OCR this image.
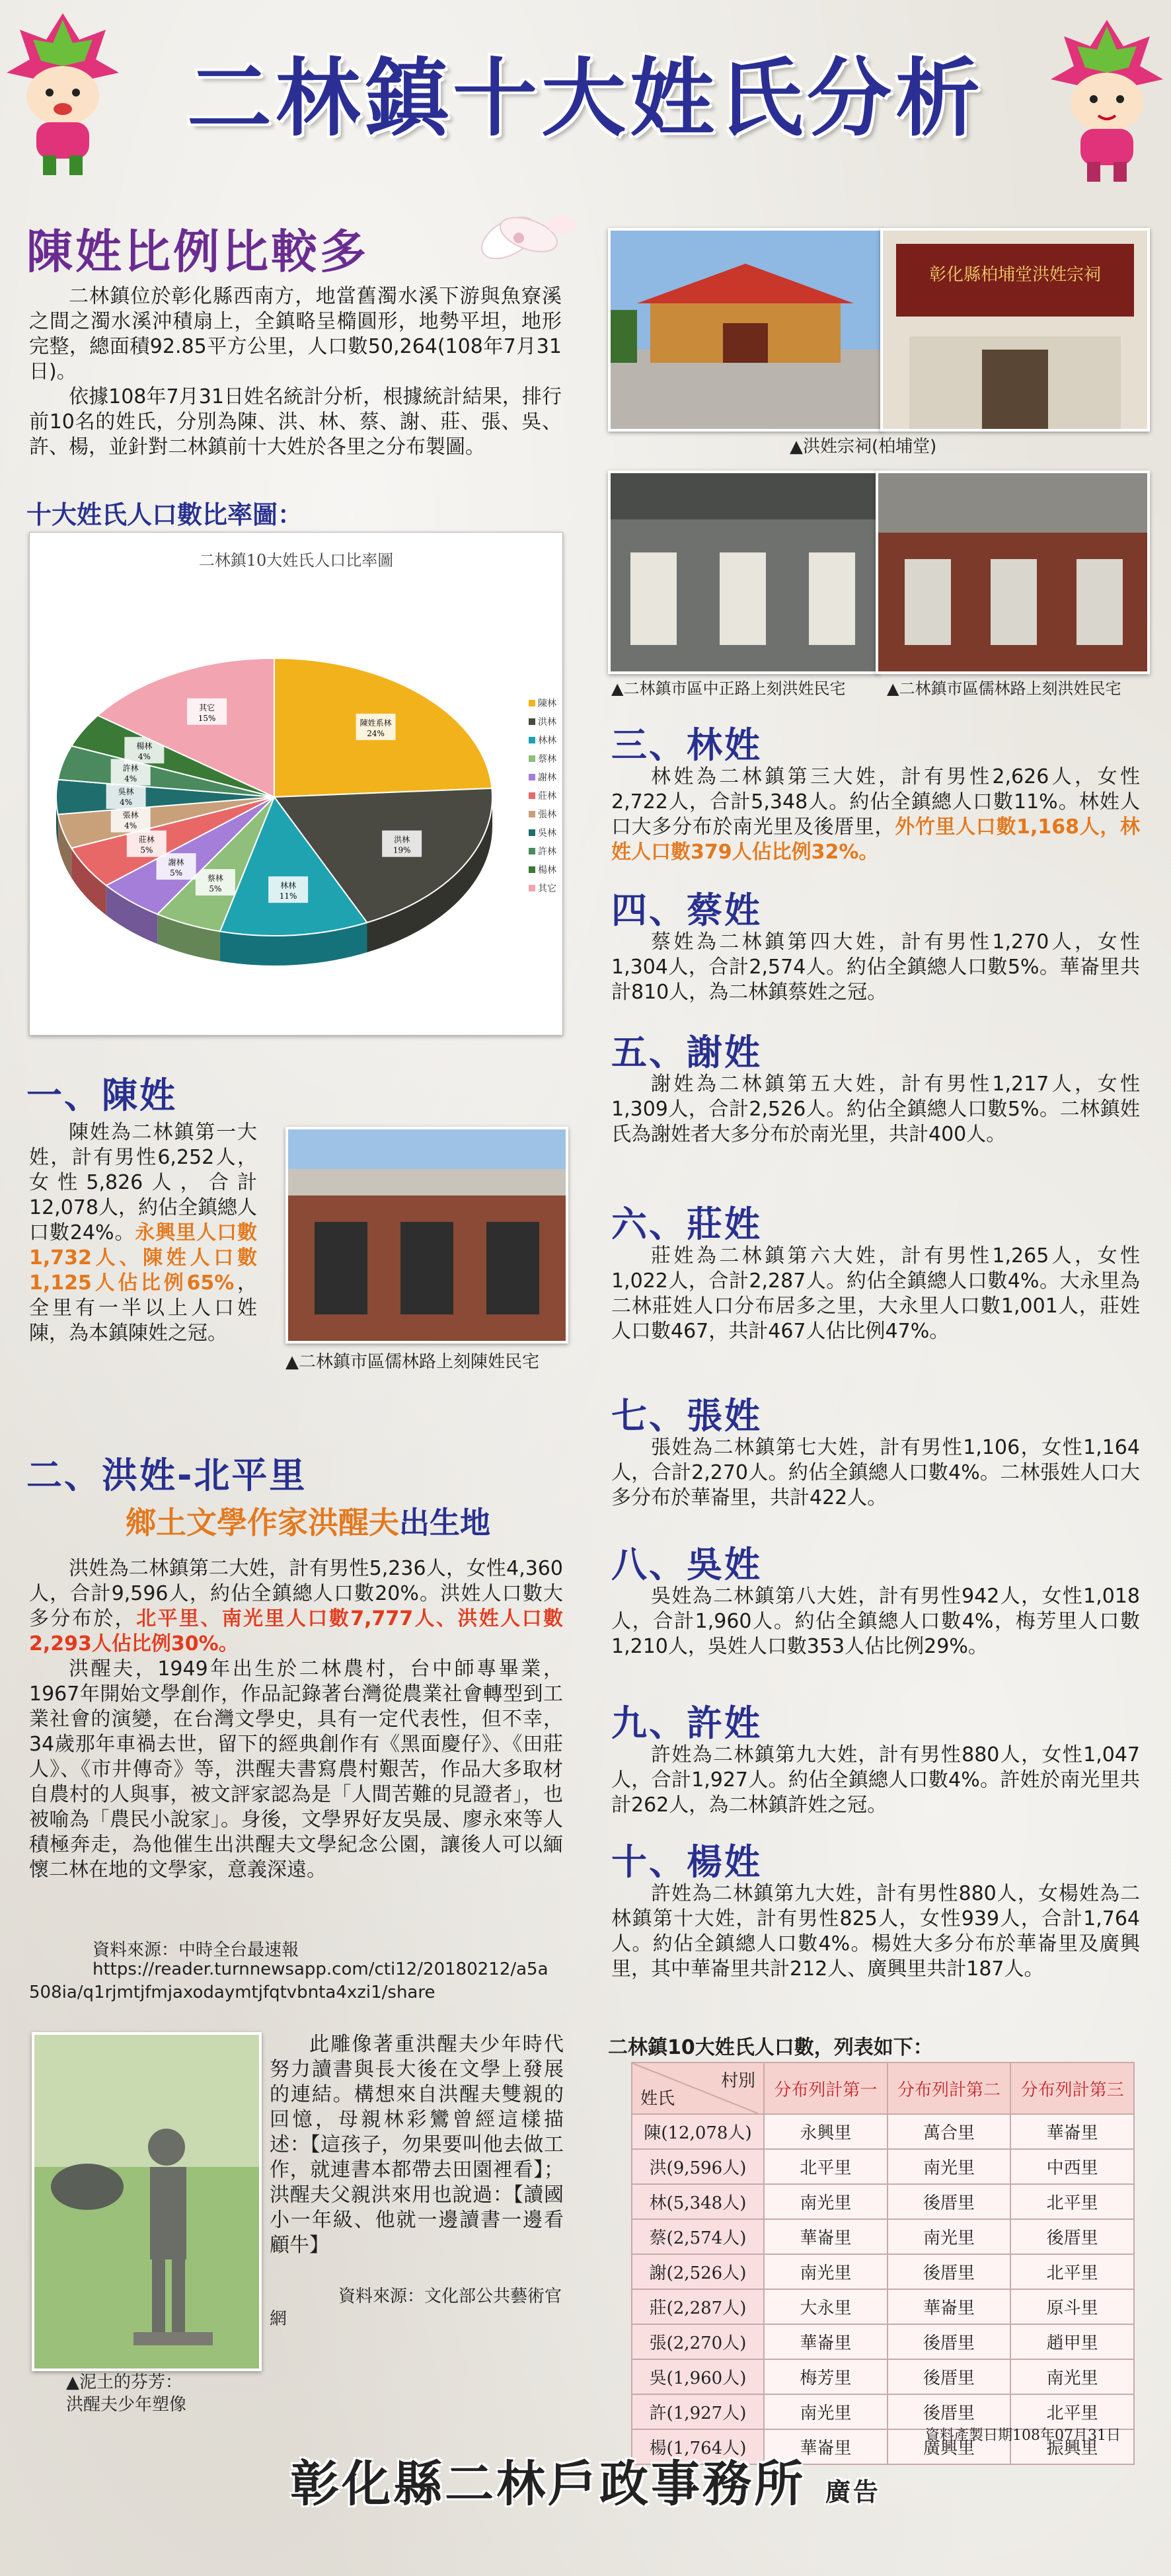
二林鎮十大姓氏分析
陳姓比例比較多

二林鎮位於彰化縣西南方，地當舊濁水溪下游與魚寮溪之間之濁水溪沖積扇上，全鎮略呈橢圓形，地勢平坦，地形完整，總面積92.85平方公里，人口數50,264(108年7月31日)。

依據108年7月31日姓名統計分析，根據統計結果，排行前10名的姓氏，分別為陳、洪、林、蔡、謝、莊、張、吳、許、楊，並針對二林鎮前十大姓於各里之分布製圖。

十大姓氏人口數比率圖：
二林鎮10大姓氏人口比率圖
陳姓系林
24%
洪林
19%
林林
11%
蔡林
5%
謝林
5%
莊林
5%
張林
4%
吳林
4%
許林
4%
楊林
4%
其它
15%
陳林
洪林
林林
蔡林
謝林
莊林
張林
吳林
許林
楊林
其它
彰化縣柏埔堂洪姓宗祠
▲洪姓宗祠(柏埔堂)
▲二林鎮市區中正路上刻洪姓民宅	▲二林鎮市區儒林路上刻洪姓民宅
一、陳姓

陳姓為二林鎮第一大姓，計有男性6,252人，女性5,826人，合計12,078人，約佔全鎮總人口數24%。永興里人口數1,732人、陳姓人口數1,125人佔比例65%，全里有一半以上人口姓陳，為本鎮陳姓之冠。

▲二林鎮市區儒林路上刻陳姓民宅
二、洪姓-北平里
鄉土文學作家洪醒夫出生地

洪姓為二林鎮第二大姓，計有男性5,236人，女性4,360人，合計9,596人，約佔全鎮總人口數20%。洪姓人口數大多分布於，北平里、南光里人口數7,777人、洪姓人口數2,293人佔比例30%。

洪醒夫，1949年出生於二林農村，台中師專畢業，1967年開始文學創作，作品記錄著台灣從農業社會轉型到工業社會的演變，在台灣文學史，具有一定代表性，但不幸，34歲那年車禍去世，留下的經典創作有《黑面慶仔》、《田莊人》、《市井傳奇》等，洪醒夫書寫農村艱苦，作品大多取材自農村的人與事，被文評家認為是「人間苦難的見證者」，也被喻為「農民小說家」。身後，文學界好友吳晟、廖永來等人積極奔走，為他催生出洪醒夫文學紀念公園，讓後人可以緬懷二林在地的文學家，意義深遠。

資料來源：中時全台最速報
https://reader.turnnewsapp.com/cti12/20180212/a5a
508ia/q1rjmtjfmjaxodaymtjfqtvbnta4xzi1/share
▲泥土的芬芳：
洪醒夫少年塑像

此雕像著重洪醒夫少年時代努力讀書與長大後在文學上發展的連結。構想來自洪醒夫雙親的回憶，母親林彩鸞曾經這樣描述：【這孩子，勿果要叫他去做工作，就連書本都帶去田園裡看】；洪醒夫父親洪來用也說過：【讀國小一年級、他就一邊讀書一邊看顧牛】

資料來源：文化部公共藝術官網
三、林姓

林姓為二林鎮第三大姓，計有男性2,626人，女性2,722人，合計5,348人。約佔全鎮總人口數11%。林姓人口大多分布於南光里及後厝里，外竹里人口數1,168人，林姓人口數379人佔比例32%。

四、蔡姓

蔡姓為二林鎮第四大姓，計有男性1,270人，女性1,304人，合計2,574人。約佔全鎮總人口數5%。華崙里共計810人，為二林鎮蔡姓之冠。

五、謝姓

謝姓為二林鎮第五大姓，計有男性1,217人，女性1,309人，合計2,526人。約佔全鎮總人口數5%。二林鎮姓氏為謝姓者大多分布於南光里，共計400人。

六、莊姓

莊姓為二林鎮第六大姓，計有男性1,265人，女性1,022人，合計2,287人。約佔全鎮總人口數4%。大永里為二林莊姓人口分布居多之里，大永里人口數1,001人，莊姓人口數467，共計467人佔比例47%。

七、張姓

張姓為二林鎮第七大姓，計有男性1,106，女性1,164人，合計2,270人。約佔全鎮總人口數4%。二林張姓人口大多分布於華崙里，共計422人。

八、吳姓

吳姓為二林鎮第八大姓，計有男性942人，女性1,018人，合計1,960人。約佔全鎮總人口數4%，梅芳里人口數1,210人，吳姓人口數353人佔比例29%。

九、許姓

許姓為二林鎮第九大姓，計有男性880人，女性1,047人，合計1,927人。約佔全鎮總人口數4%。許姓於南光里共計262人，為二林鎮許姓之冠。

十、楊姓

許姓為二林鎮第九大姓，計有男性880人，女楊姓為二林鎮第十大姓，計有男性825人，女性939人，合計1,764人。約佔全鎮總人口數4%。楊姓大多分布於華崙里及廣興里，其中華崙里共計212人、廣興里共計187人。

二林鎮10大姓氏人口數，列表如下：
村別
姓氏	分布列計第一	分布列計第二	分布列計第三
陳(12,078人)	永興里	萬合里	華崙里
洪(9,596人)	北平里	南光里	中西里
林(5,348人)	南光里	後厝里	北平里
蔡(2,574人)	華崙里	南光里	後厝里
謝(2,526人)	南光里	後厝里	北平里
莊(2,287人)	大永里	華崙里	原斗里
張(2,270人)	華崙里	後厝里	趙甲里
吳(1,960人)	梅芳里	後厝里	南光里
許(1,927人)	南光里	後厝里	北平里
楊(1,764人)	華崙里	廣興里	振興里
資料產製日期108年07月31日
彰化縣二林戶政事務所 廣告
